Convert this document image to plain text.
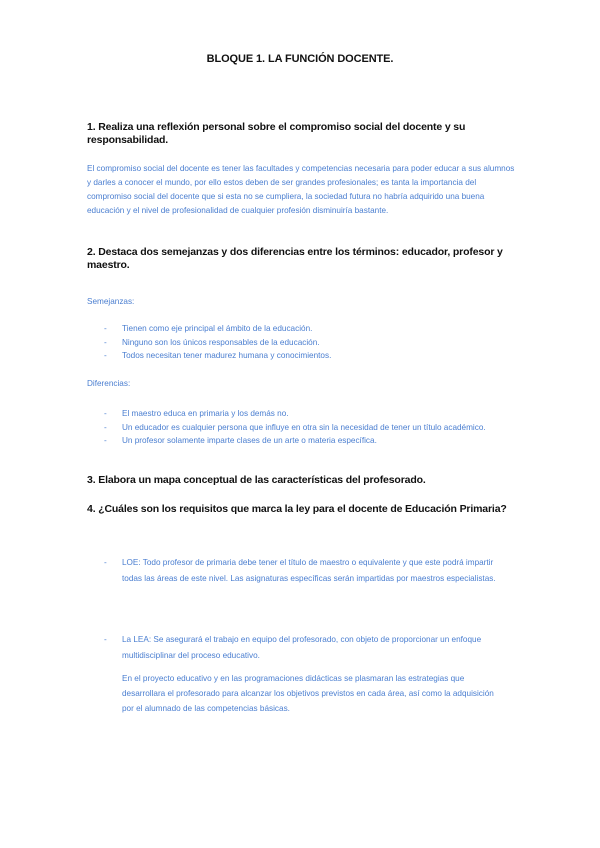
BLOQUE 1. LA FUNCIÓN DOCENTE.
1. Realiza una reflexión personal sobre el compromiso social del docente y su responsabilidad.
El compromiso social del docente es tener las facultades y competencias necesaria para poder educar a sus alumnos y darles a conocer el mundo, por ello estos deben de ser grandes profesionales; es tanta la importancia del compromiso social del docente que si esta no se cumpliera, la sociedad futura no habría adquirido una buena educación y el nivel de profesionalidad de cualquier profesión disminuiría bastante.
2. Destaca dos semejanzas y dos diferencias entre los términos: educador, profesor y maestro.
Semejanzas:
- Tienen como eje principal el ámbito de la educación.
- Ninguno son los únicos responsables de la educación.
- Todos necesitan tener madurez humana y conocimientos.
Diferencias:
- El maestro educa en primaria y los demás no.
- Un educador es cualquier persona que influye en otra sin la necesidad de tener un título académico.
- Un profesor solamente imparte clases de un arte o materia específica.
3. Elabora un mapa conceptual de las características del profesorado.
4. ¿Cuáles son los requisitos que marca la ley para el docente de Educación Primaria?
- LOE: Todo profesor de primaria debe tener el título de maestro o equivalente y que este podrá impartir todas las áreas de este nivel. Las asignaturas específicas serán impartidas por maestros especialistas.
- La LEA: Se asegurará el trabajo en equipo del profesorado, con objeto de proporcionar un enfoque multidisciplinar del proceso educativo.
En el proyecto educativo y en las programaciones didácticas se plasmaran las estrategias que desarrollara el profesorado para alcanzar los objetivos previstos en cada área, así como la adquisición por el alumnado de las competencias básicas.
